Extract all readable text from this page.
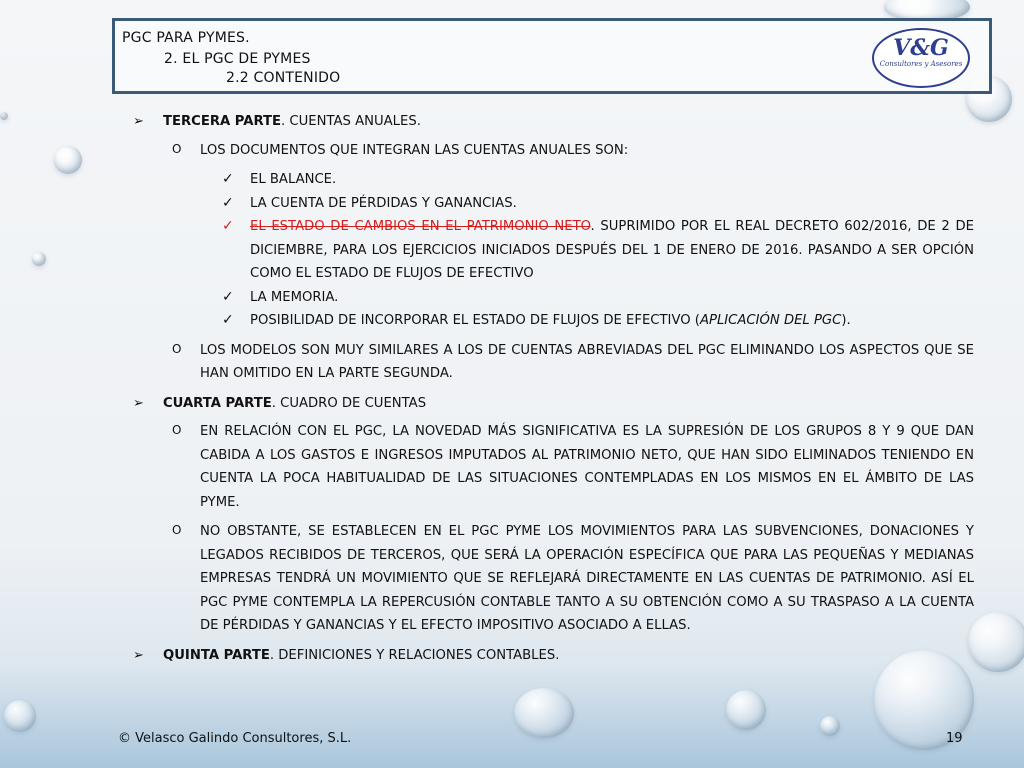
PGC PARA PYMES.
2. EL PGC DE PYMES
2.2 CONTENIDO
V&G
Consultores y Asesores
➢ TERCERA PARTE. CUENTAS ANUALES.
O LOS DOCUMENTOS QUE INTEGRAN LAS CUENTAS ANUALES SON:
✓ EL BALANCE.
✓ LA CUENTA DE PÉRDIDAS Y GANANCIAS.
✓ EL ESTADO DE CAMBIOS EN EL PATRIMONIO NETO. SUPRIMIDO POR EL REAL DECRETO 602/2016, DE 2 DE DICIEMBRE, PARA LOS EJERCICIOS INICIADOS DESPUÉS DEL 1 DE ENERO DE 2016. PASANDO A SER OPCIÓN COMO EL ESTADO DE FLUJOS DE EFECTIVO
✓ LA MEMORIA.
✓ POSIBILIDAD DE INCORPORAR EL ESTADO DE FLUJOS DE EFECTIVO (APLICACIÓN DEL PGC).
O LOS MODELOS SON MUY SIMILARES A LOS DE CUENTAS ABREVIADAS DEL PGC ELIMINANDO LOS ASPECTOS QUE SE HAN OMITIDO EN LA PARTE SEGUNDA.
➢ CUARTA PARTE. CUADRO DE CUENTAS
O EN RELACIÓN CON EL PGC, LA NOVEDAD MÁS SIGNIFICATIVA ES LA SUPRESIÓN DE LOS GRUPOS 8 Y 9 QUE DAN CABIDA A LOS GASTOS E INGRESOS IMPUTADOS AL PATRIMONIO NETO, QUE HAN SIDO ELIMINADOS TENIENDO EN CUENTA LA POCA HABITUALIDAD DE LAS SITUACIONES CONTEMPLADAS EN LOS MISMOS EN EL ÁMBITO DE LAS PYME.
O NO OBSTANTE, SE ESTABLECEN EN EL PGC PYME LOS MOVIMIENTOS PARA LAS SUBVENCIONES, DONACIONES Y LEGADOS RECIBIDOS DE TERCEROS, QUE SERÁ LA OPERACIÓN ESPECÍFICA QUE PARA LAS PEQUEÑAS Y MEDIANAS EMPRESAS TENDRÁ UN MOVIMIENTO QUE SE REFLEJARÁ DIRECTAMENTE EN LAS CUENTAS DE PATRIMONIO. ASÍ EL PGC PYME CONTEMPLA LA REPERCUSIÓN CONTABLE TANTO A SU OBTENCIÓN COMO A SU TRASPASO A LA CUENTA DE PÉRDIDAS Y GANANCIAS Y EL EFECTO IMPOSITIVO ASOCIADO A ELLAS.
➢ QUINTA PARTE. DEFINICIONES Y RELACIONES CONTABLES.
© Velasco Galindo Consultores, S.L.	19
